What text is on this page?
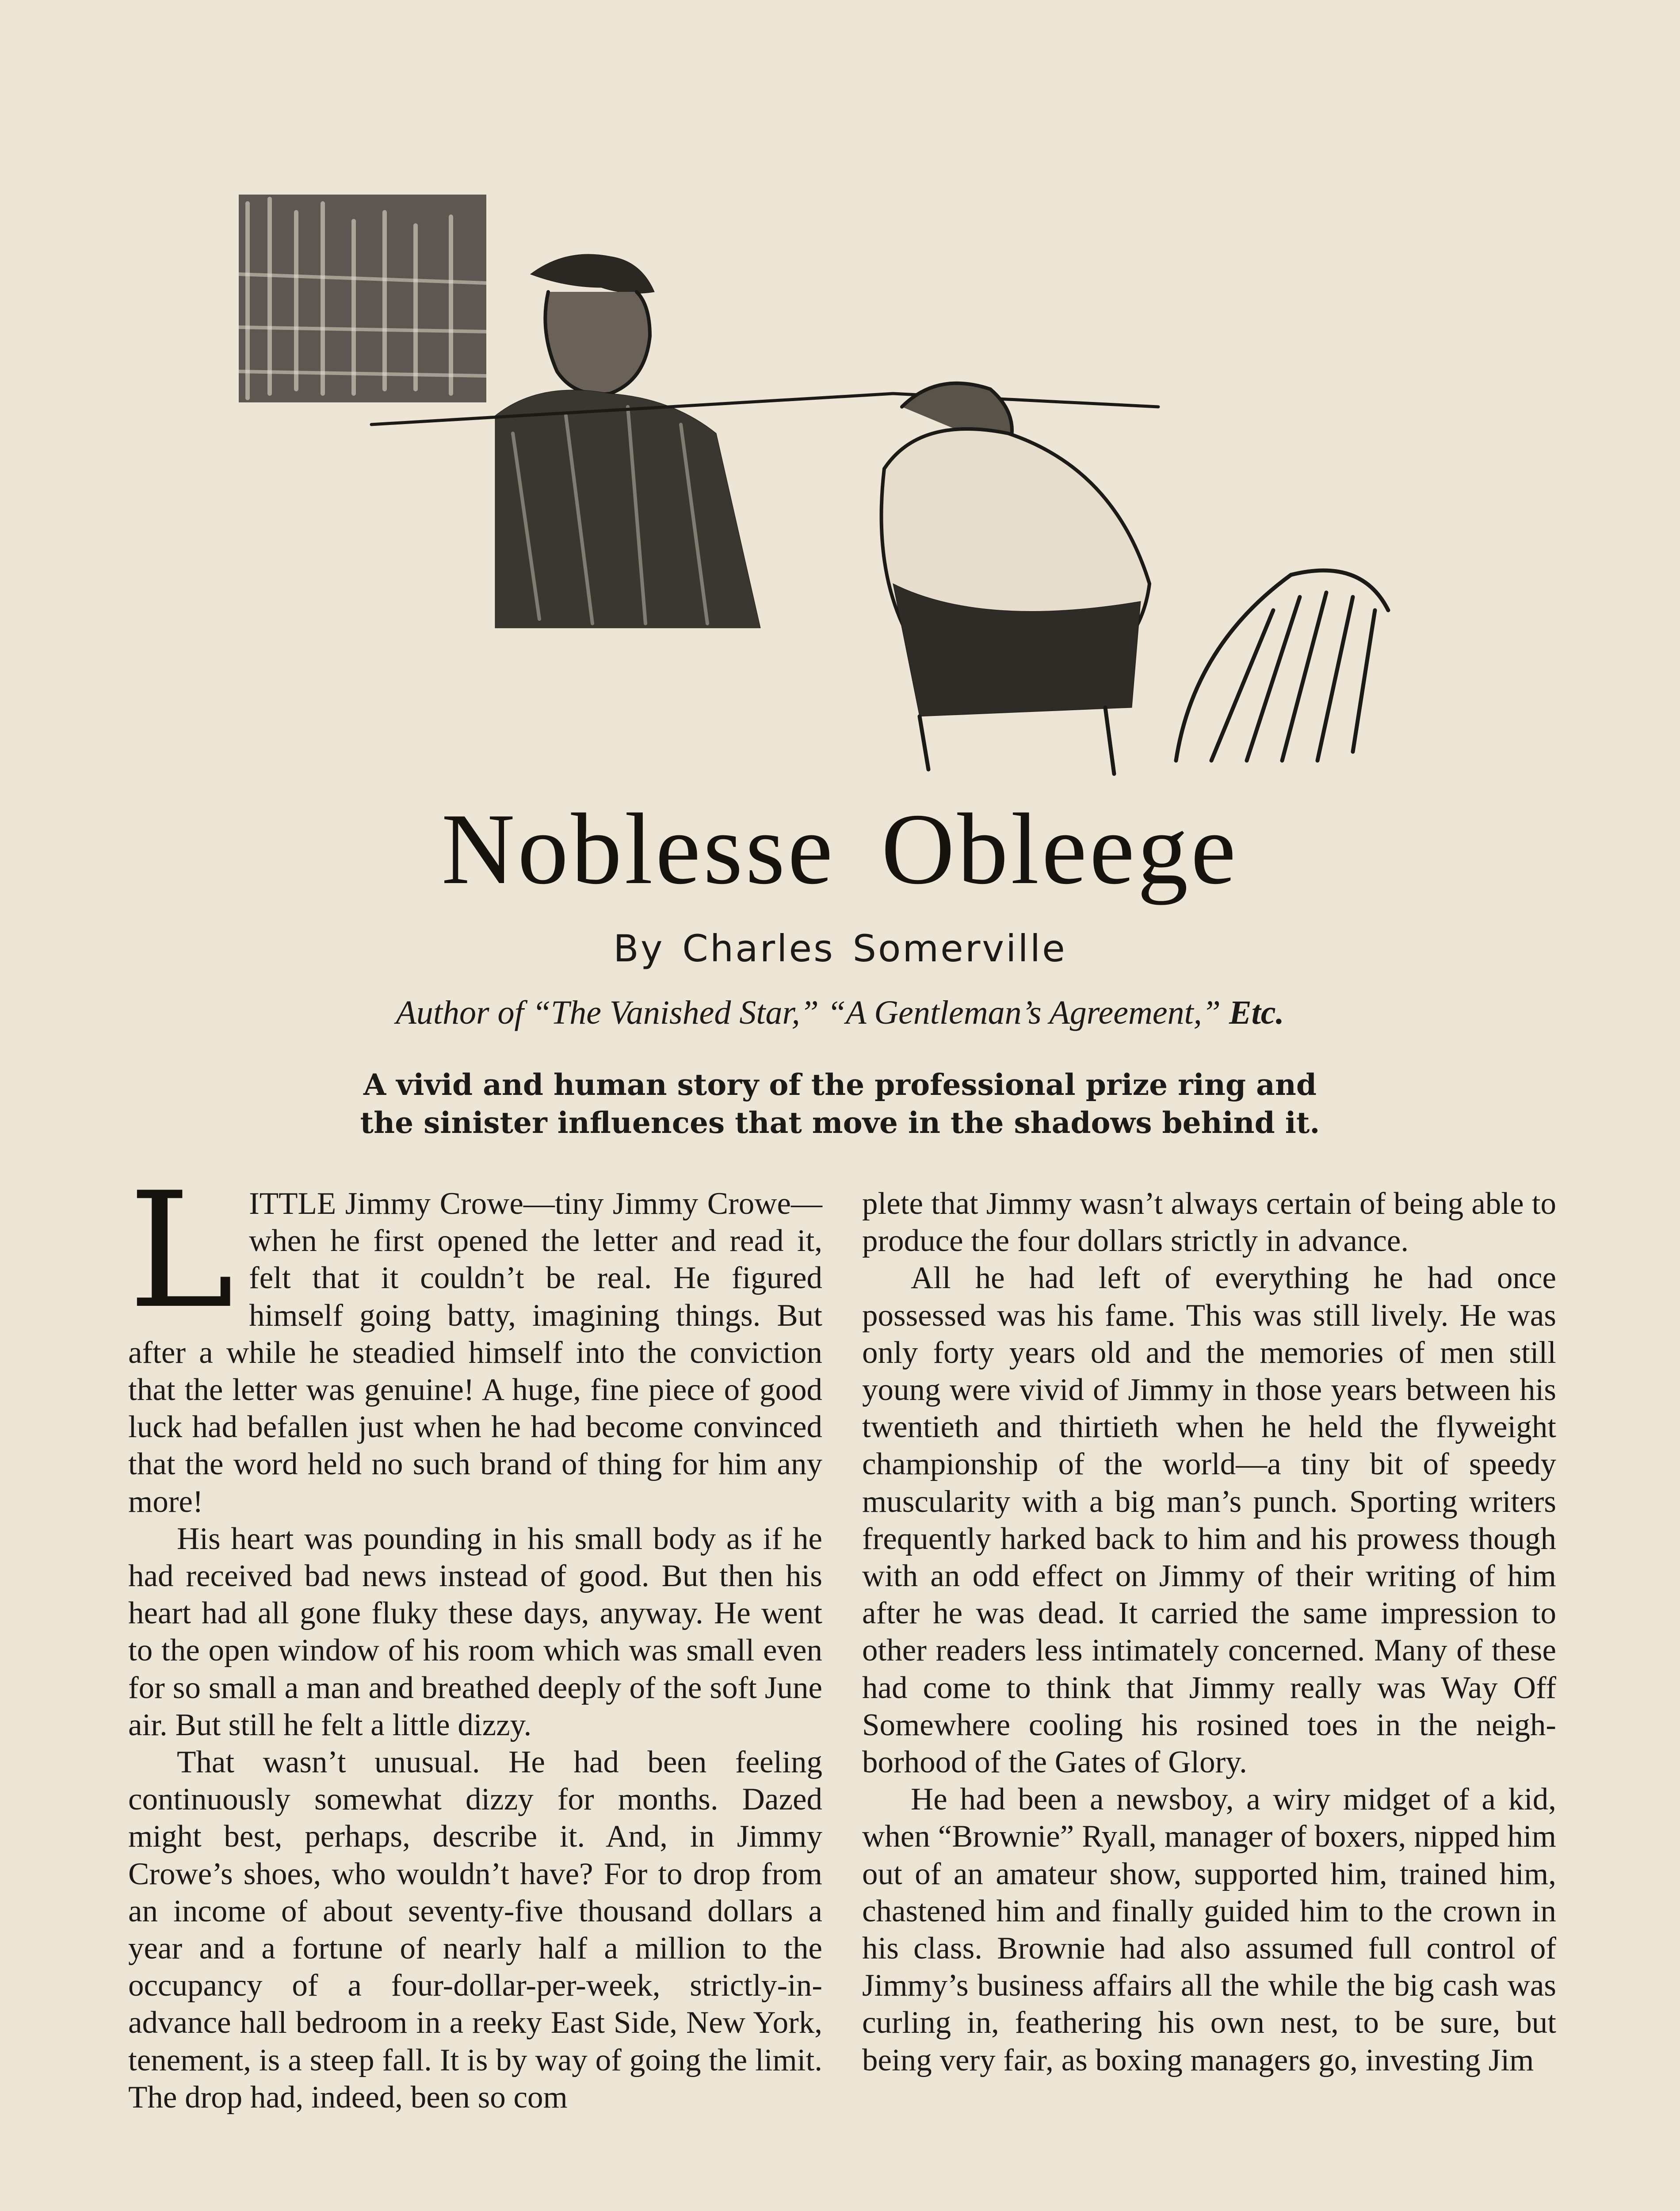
Noblesse Obleege
By Charles Somerville
Author of “The Vanished Star,” “A Gentleman’s Agreement,” Etc.
A vivid and human story of the professional prize ring and the sinister influences that move in the shadows behind it.

LITTLE Jimmy Crowe—tiny Jimmy Crowe—when he first opened the letter and read it, felt that it couldn’t be real. He figured himself going batty, imagining things. But after a while he steadied himself into the conviction that the letter was genuine! A huge, fine piece of good luck had befallen just when he had become convinced that the word held no such brand of thing for him any more!

His heart was pounding in his small body as if he had received bad news instead of good. But then his heart had all gone fluky these days, anyway. He went to the open window of his room which was small even for so small a man and breathed deeply of the soft June air. But still he felt a little dizzy.

That wasn’t unusual. He had been feeling continuously somewhat dizzy for months. Dazed might best, perhaps, describe it. And, in Jimmy Crowe’s shoes, who wouldn’t have? For to drop from an income of about seventy-five thousand dollars a year and a fortune of nearly half a million to the occupancy of a four-dollar-per-week, strictly-in-advance hall bedroom in a reeky East Side, New York, tenement, is a steep fall. It is by way of going the limit. The drop had, indeed, been so com

plete that Jimmy wasn’t always certain of being able to produce the four dollars strictly in advance.

All he had left of everything he had once possessed was his fame. This was still lively. He was only forty years old and the memories of men still young were vivid of Jimmy in those years between his twentieth and thirtieth when he held the flyweight championship of the world—a tiny bit of speedy muscularity with a big man’s punch. Sporting writers frequently harked back to him and his prowess though with an odd effect on Jimmy of their writing of him after he was dead. It carried the same impression to other readers less intimately concerned. Many of these had come to think that Jimmy really was Way Off Somewhere cooling his rosined toes in the neighborhood of the Gates of Glory.

He had been a newsboy, a wiry midget of a kid, when “Brownie” Ryall, manager of boxers, nipped him out of an amateur show, supported him, trained him, chastened him and finally guided him to the crown in his class. Brownie had also assumed full control of Jimmy’s business affairs all the while the big cash was curling in, feathering his own nest, to be sure, but being very fair, as boxing managers go, investing Jim
